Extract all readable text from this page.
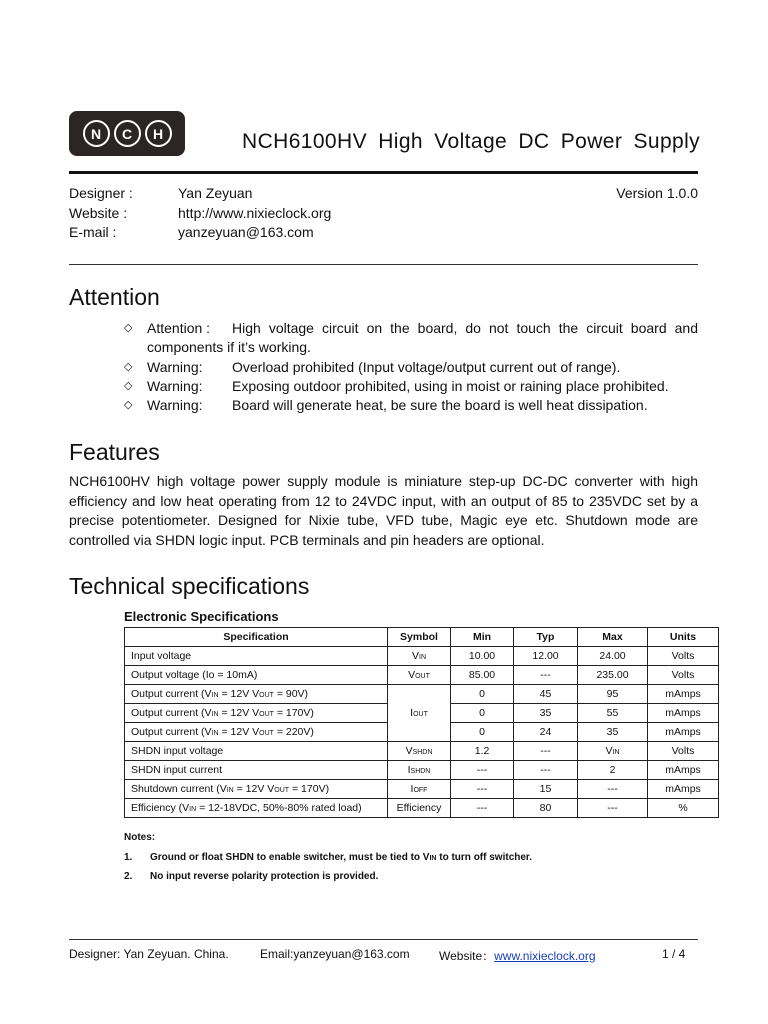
N	C	H	NCH6100HV High Voltage DC Power Supply
Designer :	Yan Zeyuan	Version 1.0.0
Website :	http://www.nixieclock.org
E-mail :	yanzeyuan@163.com
Attention
◇ Attention : High voltage circuit on the board, do not touch the circuit board and
components if it’s working.
◇ Warning: Overload prohibited (Input voltage/output current out of range).
◇ Warning: Exposing outdoor prohibited, using in moist or raining place prohibited.
◇ Warning: Board will generate heat, be sure the board is well heat dissipation.
Features
NCH6100HV high voltage power supply module is miniature step-up DC-DC converter with high efficiency and low heat operating from 12 to 24VDC input, with an output of 85 to 235VDC set by a precise potentiometer. Designed for Nixie tube, VFD tube, Magic eye etc. Shutdown mode are controlled via SHDN logic input. PCB terminals and pin headers are optional.
Technical specifications
Electronic Specifications
Specification	Symbol	Min	Typ	Max	Units
Input voltage	VIN	10.00	12.00	24.00	Volts
Output voltage (Io = 10mA)	VOUT	85.00	---	235.00	Volts
Output current (VIN = 12V VOUT = 90V)	IOUT	0	45	95	mAmps
Output current (VIN = 12V VOUT = 170V)		0	35	55	mAmps
Output current (VIN = 12V VOUT = 220V)		0	24	35	mAmps
SHDN input voltage	VSHDN	1.2	---	VIN	Volts
SHDN input current	ISHDN	---	---	2	mAmps
Shutdown current (VIN = 12V VOUT = 170V)	IOFF	---	15	---	mAmps
Efficiency (VIN = 12-18VDC, 50%-80% rated load)	Efficiency	---	80	---	%
Notes:
1. Ground or float SHDN to enable switcher, must be tied to VIN to turn off switcher.
2. No input reverse polarity protection is provided.
Designer: Yan Zeyuan. China.	Email:yanzeyuan@163.com Website：www.nixieclock.org	1 / 4
